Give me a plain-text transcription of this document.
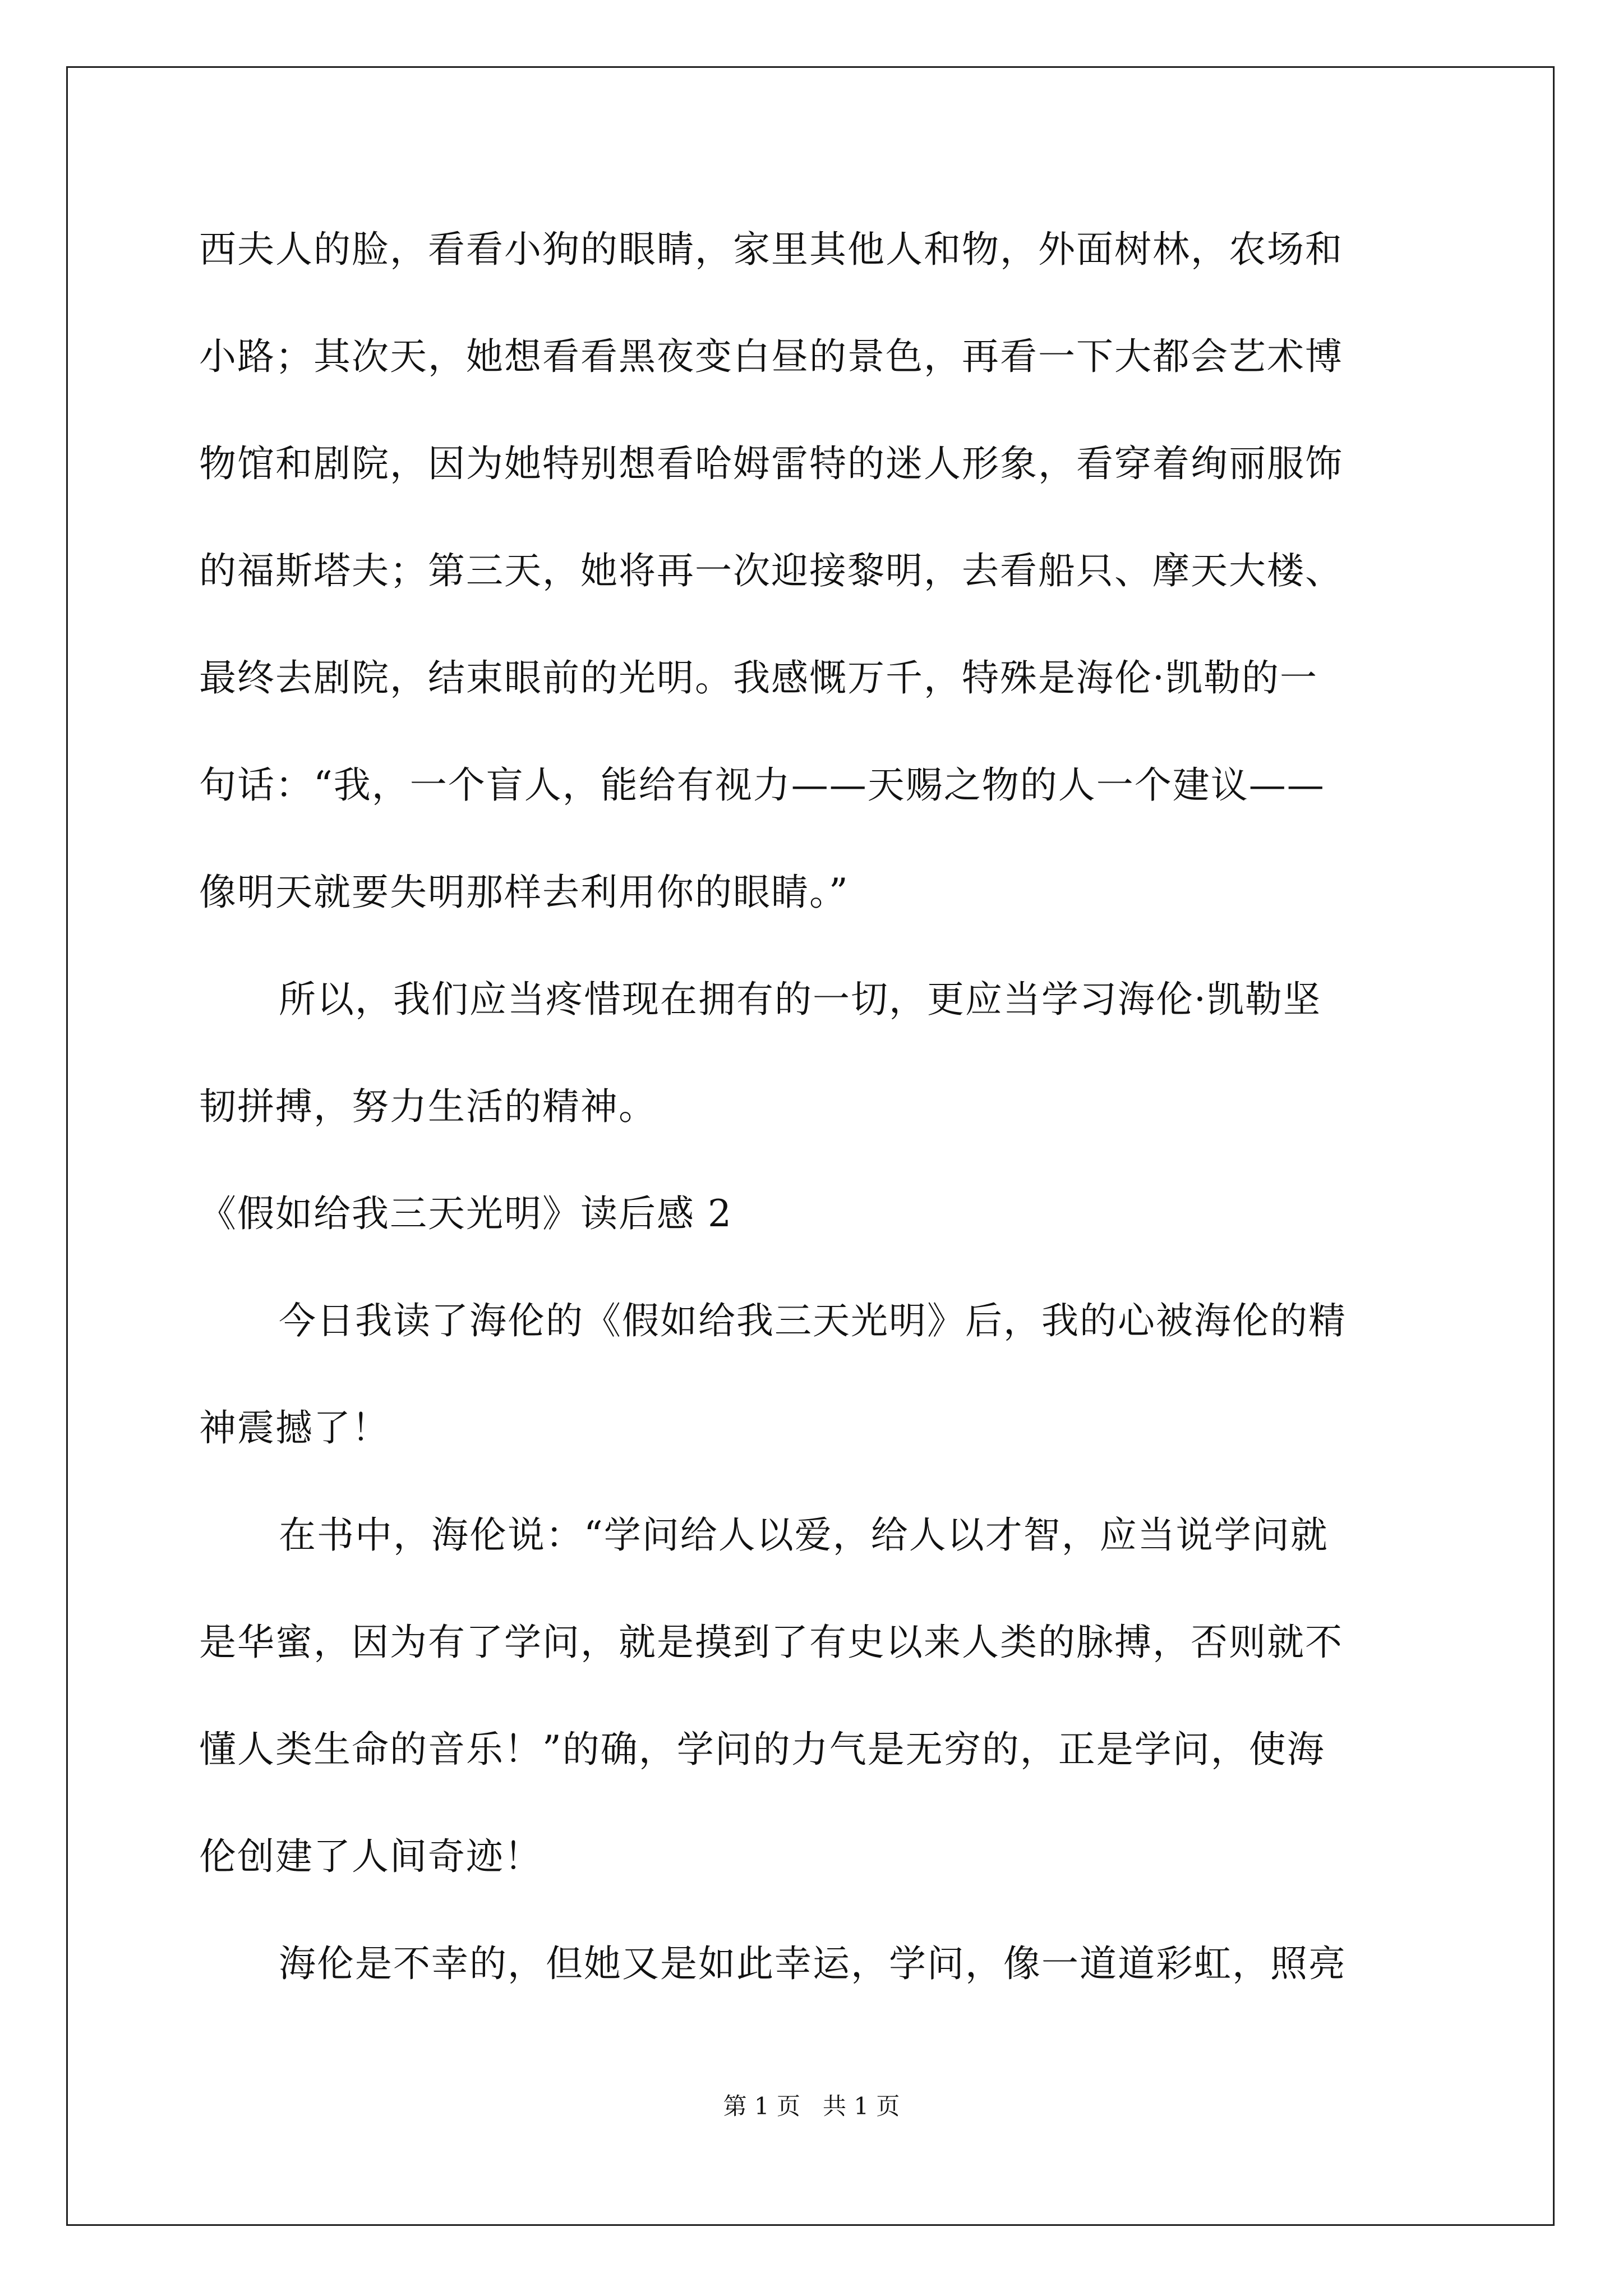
西夫人的脸，看看小狗的眼睛，家里其他人和物，外面树林，农场和
小路；其次天，她想看看黑夜变白昼的景色，再看一下大都会艺术博
物馆和剧院，因为她特别想看哈姆雷特的迷人形象，看穿着绚丽服饰
的福斯塔夫；第三天，她将再一次迎接黎明，去看船只、摩天大楼、
最终去剧院，结束眼前的光明。我感慨万千，特殊是海伦·凯勒的一
句话：“我，一个盲人，能给有视力——天赐之物的人一个建议——
像明天就要失明那样去利用你的眼睛。”
所以，我们应当疼惜现在拥有的一切，更应当学习海伦·凯勒坚
韧拼搏，努力生活的精神。
《假如给我三天光明》读后感 2
今日我读了海伦的《假如给我三天光明》后，我的心被海伦的精
神震撼了！
在书中，海伦说：“学问给人以爱，给人以才智，应当说学问就
是华蜜，因为有了学问，就是摸到了有史以来人类的脉搏，否则就不
懂人类生命的音乐！”的确，学问的力气是无穷的，正是学问，使海
伦创建了人间奇迹！
海伦是不幸的，但她又是如此幸运，学问，像一道道彩虹，照亮
第 1 页 共 1 页
